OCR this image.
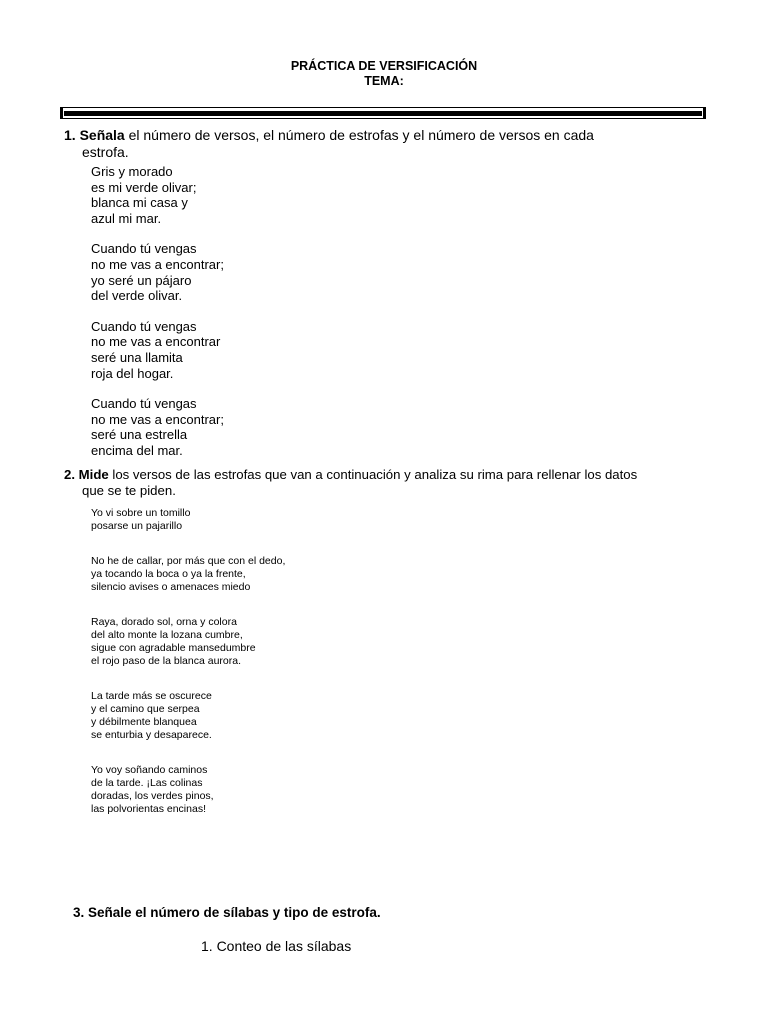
PRÁCTICA DE VERSIFICACIÓN
TEMA:
1. Señala el número de versos, el número de estrofas y el número de versos en cada
estrofa.
Gris y morado
es mi verde olivar;
blanca mi casa y
azul mi mar.
Cuando tú vengas
no me vas a encontrar;
yo seré un pájaro
del verde olivar.
Cuando tú vengas
no me vas a encontrar
seré una llamita
roja del hogar.
Cuando tú vengas
no me vas a encontrar;
seré una estrella
encima del mar.
2. Mide los versos de las estrofas que van a continuación y analiza su rima para rellenar los datos
que se te piden.
Yo vi sobre un tomillo
posarse un pajarillo
No he de callar, por más que con el dedo,
ya tocando la boca o ya la frente,
silencio avises o amenaces miedo
Raya, dorado sol, orna y colora
del alto monte la lozana cumbre,
sigue con agradable mansedumbre
el rojo paso de la blanca aurora.
La tarde más se oscurece
y el camino que serpea
y débilmente blanquea
se enturbia y desaparece.
Yo voy soñando caminos
de la tarde. ¡Las colinas
doradas, los verdes pinos,
las polvorientas encinas!
3. Señale el número de sílabas y tipo de estrofa.
1. Conteo de las sílabas
